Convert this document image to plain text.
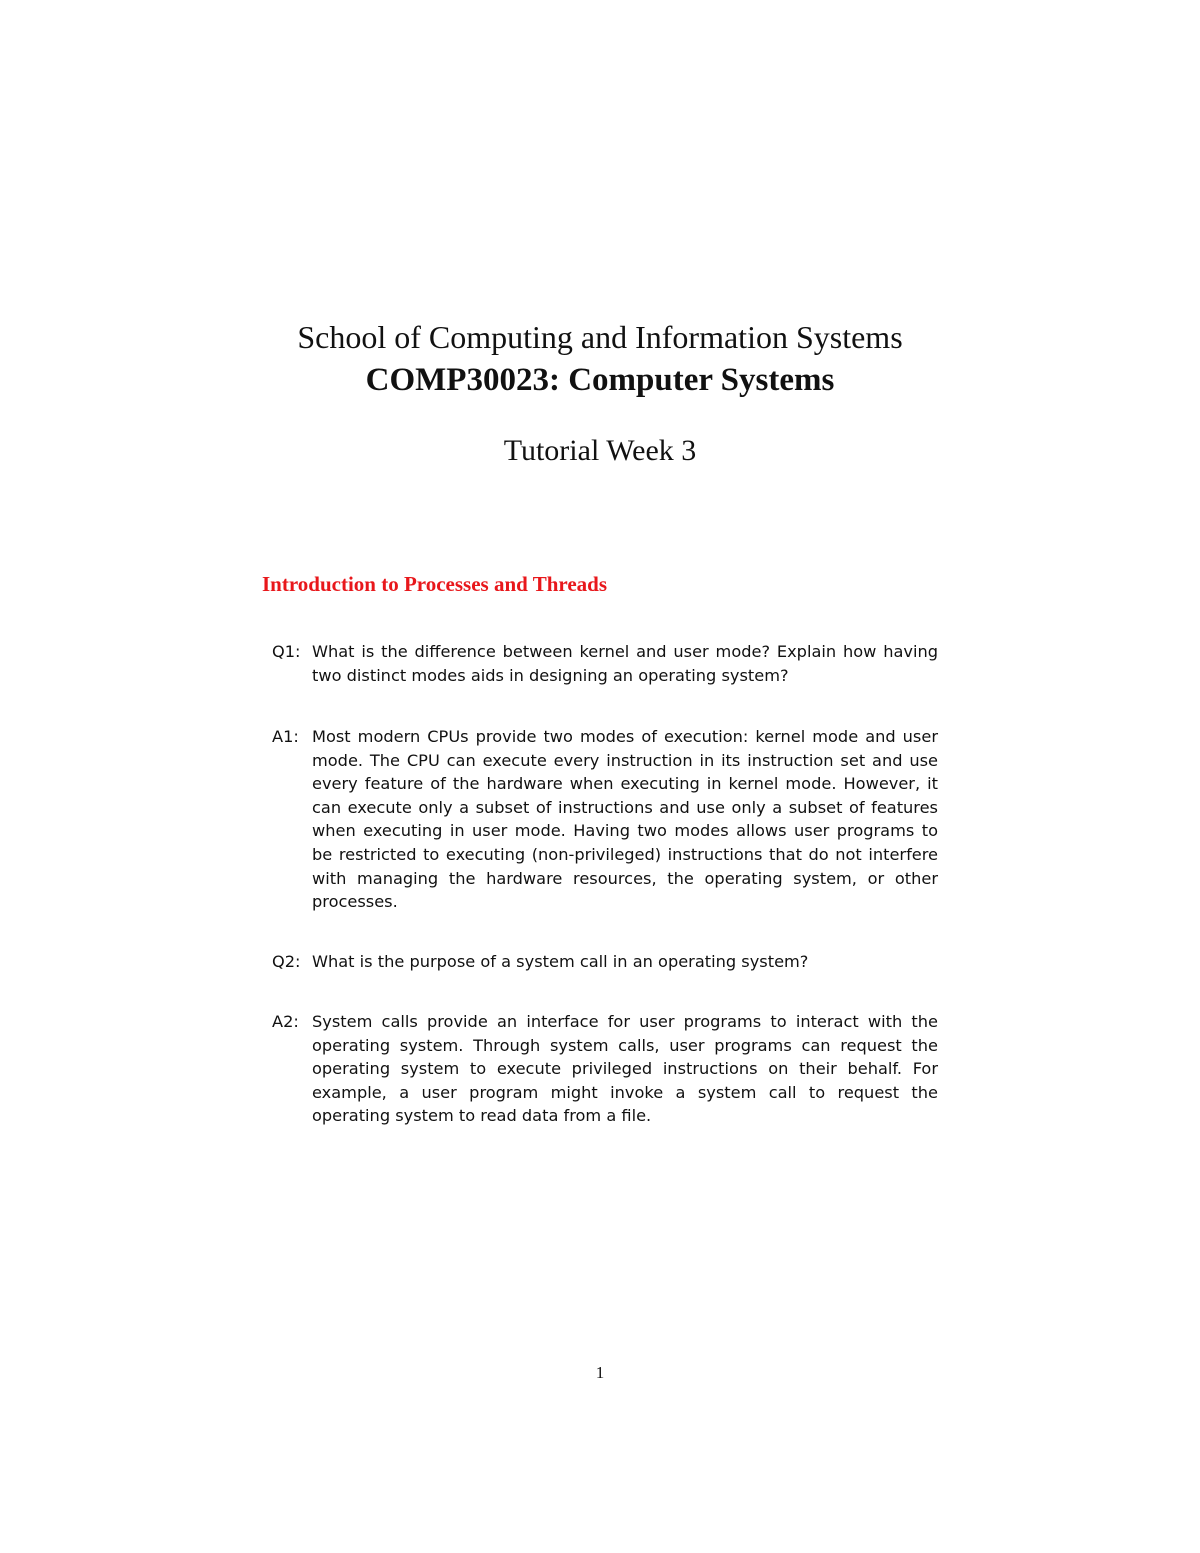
School of Computing and Information Systems
COMP30023: Computer Systems
Tutorial Week 3
Introduction to Processes and Threads
Q1: What is the difference between kernel and user mode? Explain how having two distinct modes aids in designing an operating system?
A1: Most modern CPUs provide two modes of execution: kernel mode and user mode. The CPU can execute every instruction in its instruction set and use every feature of the hardware when executing in kernel mode. However, it can execute only a subset of instructions and use only a subset of features when executing in user mode. Having two modes allows user programs to be restricted to executing (non-privileged) instructions that do not interfere with managing the hardware resources, the operating system, or other processes.
Q2: What is the purpose of a system call in an operating system?
A2: System calls provide an interface for user programs to interact with the operating system. Through system calls, user programs can request the operating system to execute privileged instructions on their behalf. For example, a user program might invoke a system call to request the operating system to read data from a file.

1
